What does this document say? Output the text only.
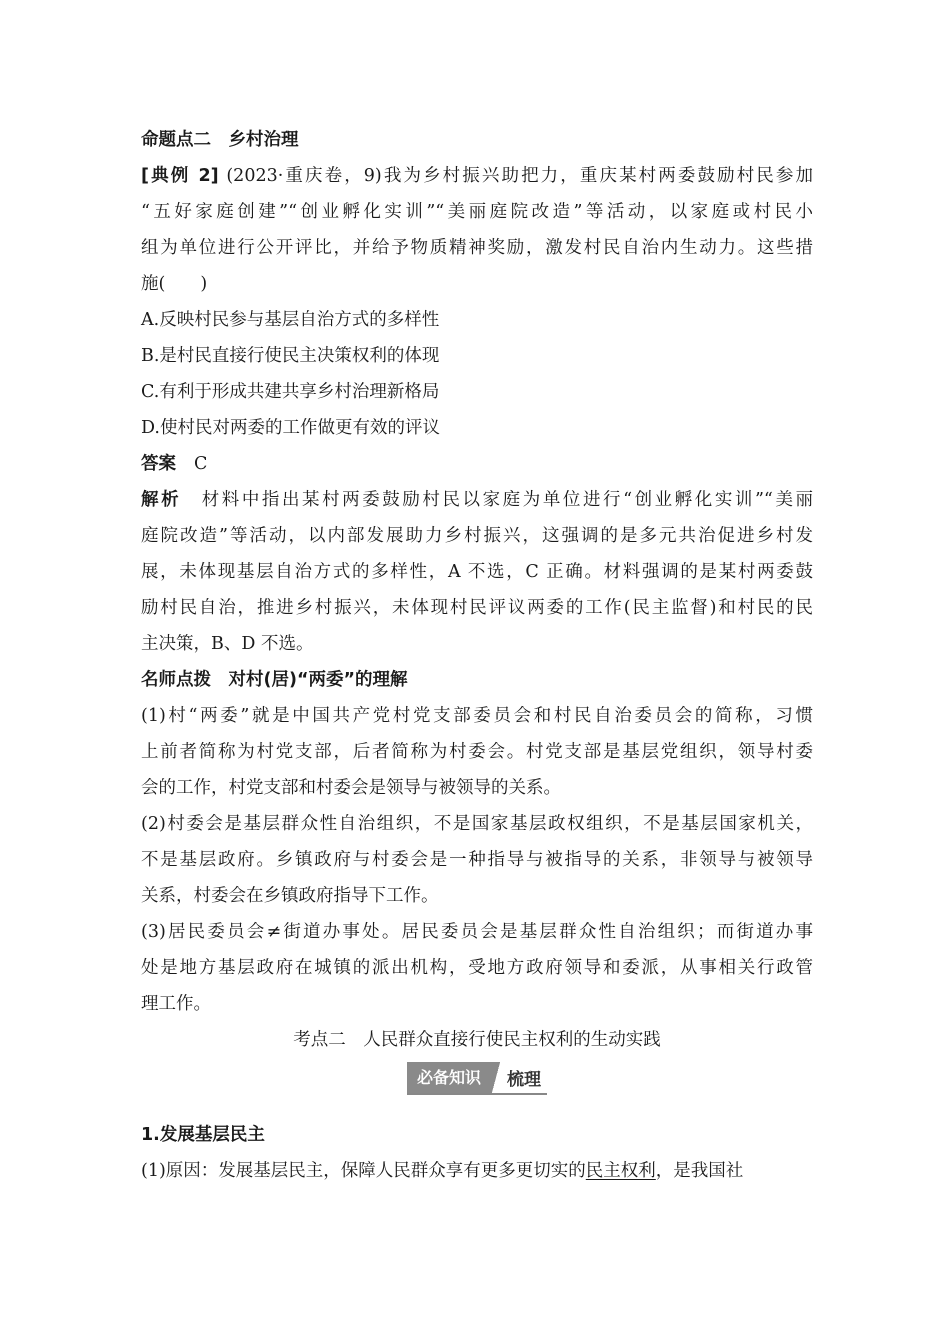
命题点二　乡村治理

[典例 2] (2023·重庆卷，9)我为乡村振兴助把力，重庆某村两委鼓励村民参加

“五好家庭创建”“创业孵化实训”“美丽庭院改造”等活动，以家庭或村民小

组为单位进行公开评比，并给予物质精神奖励，激发村民自治内生动力。这些措

施(　　)

A.反映村民参与基层自治方式的多样性

B.是村民直接行使民主决策权利的体现

C.有利于形成共建共享乡村治理新格局

D.使村民对两委的工作做更有效的评议

答案 C

解析 材料中指出某村两委鼓励村民以家庭为单位进行“创业孵化实训”“美丽

庭院改造”等活动，以内部发展助力乡村振兴，这强调的是多元共治促进乡村发

展，未体现基层自治方式的多样性，A 不选，C 正确。材料强调的是某村两委鼓

励村民自治，推进乡村振兴，未体现村民评议两委的工作(民主监督)和村民的民

主决策，B、D 不选。

名师点拨　对村(居)“两委”的理解

(1)村“两委”就是中国共产党村党支部委员会和村民自治委员会的简称，习惯

上前者简称为村党支部，后者简称为村委会。村党支部是基层党组织，领导村委

会的工作，村党支部和村委会是领导与被领导的关系。

(2)村委会是基层群众性自治组织，不是国家基层政权组织，不是基层国家机关，

不是基层政府。乡镇政府与村委会是一种指导与被指导的关系，非领导与被领导

关系，村委会在乡镇政府指导下工作。

(3)居民委员会≠街道办事处。居民委员会是基层群众性自治组织；而街道办事

处是地方基层政府在城镇的派出机构，受地方政府领导和委派，从事相关行政管

理工作。

考点二　人民群众直接行使民主权利的生动实践

必备知识	梳理

1.发展基层民主

(1)原因：发展基层民主，保障人民群众享有更多更切实的民主权利，是我国社
